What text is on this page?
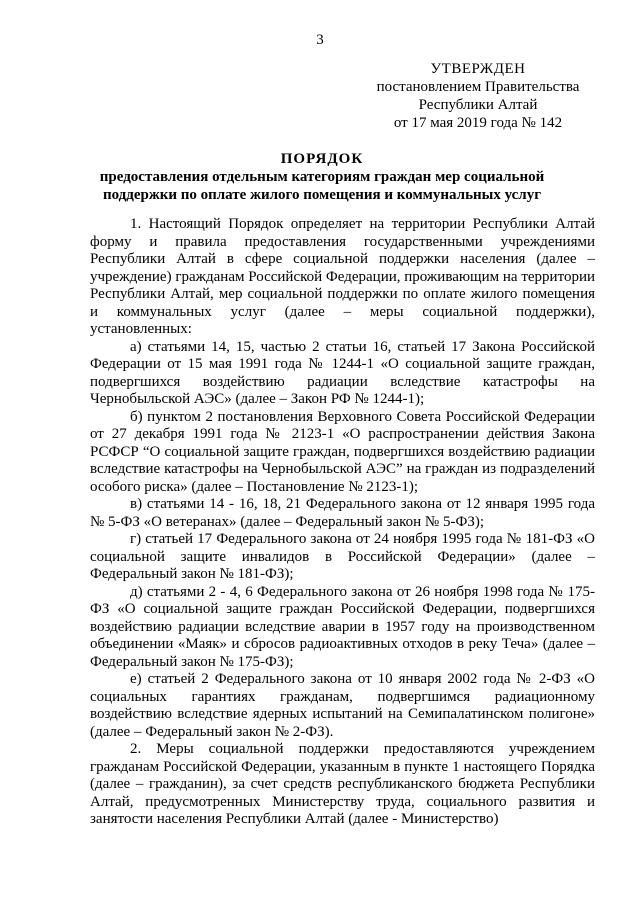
3
УТВЕРЖДЕН
постановлением Правительства
Республики Алтай
от 17 мая 2019 года № 142
ПОРЯДОК
предоставления отдельным категориям граждан мер социальной поддержки по оплате жилого помещения и коммунальных услуг

1. Настоящий Порядок определяет на территории Республики Алтай форму и правила предоставления государственными учреждениями Республики Алтай в сфере социальной поддержки населения (далее – учреждение) гражданам Российской Федерации, проживающим на территории Республики Алтай, мер социальной поддержки по оплате жилого помещения и коммунальных услуг (далее – меры социальной поддержки), установленных:

а) статьями 14, 15, частью 2 статьи 16, статьей 17 Закона Российской Федерации от 15 мая 1991 года № 1244-1 «О социальной защите граждан, подвергшихся воздействию радиации вследствие катастрофы на Чернобыльской АЭС» (далее – Закон РФ № 1244-1);

б) пунктом 2 постановления Верховного Совета Российской Федерации от 27 декабря 1991 года № 2123-1 «О распространении действия Закона РСФСР “О социальной защите граждан, подвергшихся воздействию радиации вследствие катастрофы на Чернобыльской АЭС” на граждан из подразделений особого риска» (далее – Постановление № 2123-1);

в) статьями 14 - 16, 18, 21 Федерального закона от 12 января 1995 года № 5-ФЗ «О ветеранах» (далее – Федеральный закон № 5-ФЗ);

г) статьей 17 Федерального закона от 24 ноября 1995 года № 181-ФЗ «О социальной защите инвалидов в Российской Федерации» (далее – Федеральный закон № 181-ФЗ);

д) статьями 2 - 4, 6 Федерального закона от 26 ноября 1998 года № 175-ФЗ «О социальной защите граждан Российской Федерации, подвергшихся воздействию радиации вследствие аварии в 1957 году на производственном объединении «Маяк» и сбросов радиоактивных отходов в реку Теча» (далее – Федеральный закон № 175-ФЗ);

е) статьей 2 Федерального закона от 10 января 2002 года № 2-ФЗ «О социальных гарантиях гражданам, подвергшимся радиационному воздействию вследствие ядерных испытаний на Семипалатинском полигоне» (далее – Федеральный закон № 2-ФЗ).

2. Меры социальной поддержки предоставляются учреждением гражданам Российской Федерации, указанным в пункте 1 настоящего Порядка (далее – гражданин), за счет средств республиканского бюджета Республики Алтай, предусмотренных Министерству труда, социального развития и занятости населения Республики Алтай (далее - Министерство)
